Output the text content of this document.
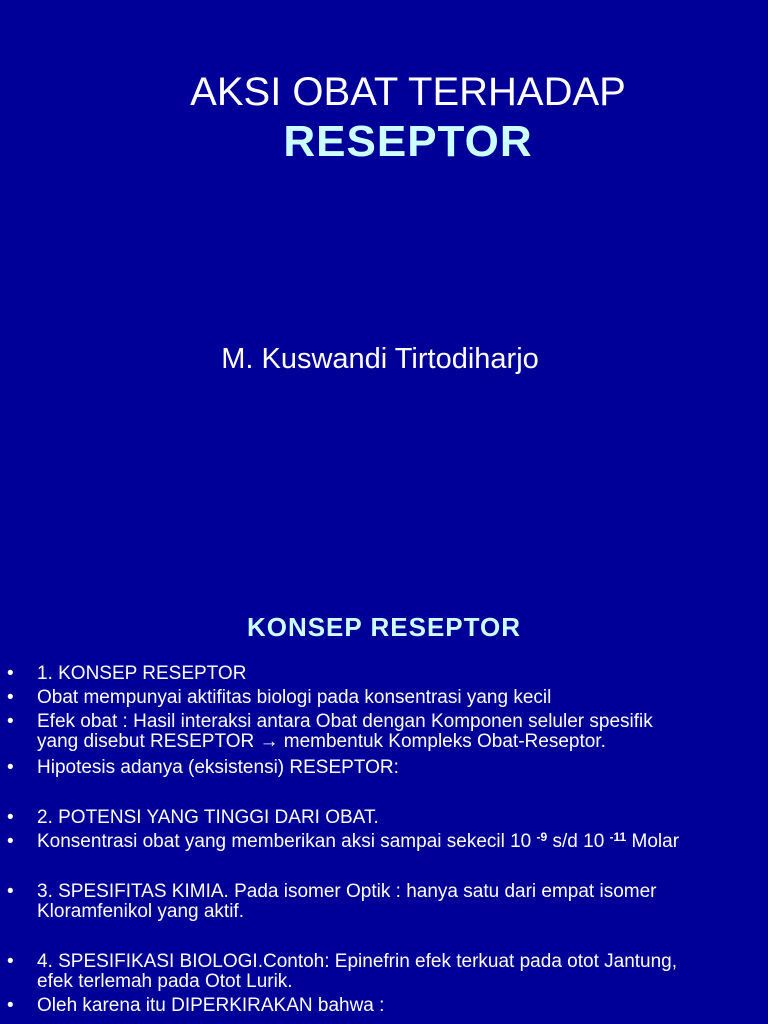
AKSI OBAT TERHADAP
RESEPTOR
M. Kuswandi Tirtodiharjo
KONSEP RESEPTOR
• 1. KONSEP RESEPTOR
• Obat mempunyai aktifitas biologi pada konsentrasi yang kecil
• Efek obat : Hasil interaksi antara Obat dengan Komponen seluler spesifik
yang disebut RESEPTOR → membentuk Kompleks Obat-Reseptor.
• Hipotesis adanya (eksistensi) RESEPTOR:
• 2. POTENSI YANG TINGGI DARI OBAT.
• Konsentrasi obat yang memberikan aksi sampai sekecil 10 $^{-9}$ s/d 10 $^{-11}$ Molar
• 3. SPESIFITAS KIMIA. Pada isomer Optik : hanya satu dari empat isomer
Kloramfenikol yang aktif.
• 4. SPESIFIKASI BIOLOGI.Contoh: Epinefrin efek terkuat pada otot Jantung,
efek terlemah pada Otot Lurik.
• Oleh karena itu DIPERKIRAKAN bahwa :
